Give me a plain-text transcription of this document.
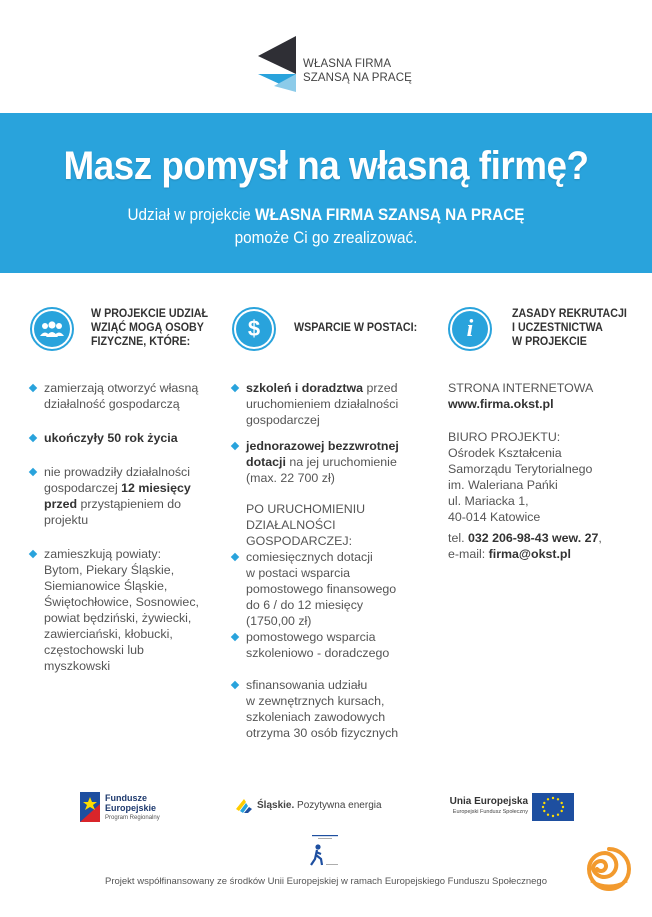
WŁASNA FIRMA
SZANSĄ NA PRACĘ
Masz pomysł na własną firmę?
Udział w projekcie WŁASNA FIRMA SZANSĄ NA PRACĘ
pomoże Ci go zrealizować.
W PROJEKCIE UDZIAŁ
WZIĄĆ MOGĄ OSOBY
FIZYCZNE, KTÓRE:
zamierzają otworzyć własną
działalność gospodarczą
ukończyły 50 rok życia
nie prowadziły działalności
gospodarczej 12 miesięcy
przed przystąpieniem do
projektu
zamieszkują powiaty:
Bytom, Piekary Śląskie,
Siemianowice Śląskie,
Świętochłowice, Sosnowiec,
powiat będziński, żywiecki,
zawierciański, kłobucki,
częstochowski lub
myszkowski
$	WSPARCIE W POSTACI:
szkoleń i doradztwa przed
uruchomieniem działalności
gospodarczej
jednorazowej bezzwrotnej
dotacji na jej uruchomienie
(max. 22 700 zł)
PO URUCHOMIENIU
DZIAŁALNOŚCI
GOSPODARCZEJ:
comiesięcznych dotacji
w postaci wsparcia
pomostowego finansowego
do 6 / do 12 miesięcy
(1750,00 zł)
pomostowego wsparcia
szkoleniowo - doradczego
sfinansowania udziału
w zewnętrznych kursach,
szkoleniach zawodowych
otrzyma 30 osób fizycznych
i
ZASADY REKRUTACJI
I UCZESTNICTWA
W PROJEKCIE
STRONA INTERNETOWA
www.firma.okst.pl
BIURO PROJEKTU:
Ośrodek Kształcenia
Samorządu Terytorialnego
im. Waleriana Pańki
ul. Mariacka 1,
40-014 Katowice
tel. 032 206-98-43 wew. 27,
e-mail: firma@okst.pl
Fundusze
Europejskie
Program Regionalny
Śląskie. Pozytywna energia	Unia Europejska
Europejski Fundusz Społeczny
Projekt współfinansowany ze środków Unii Europejskiej w ramach Europejskiego Funduszu Społecznego
